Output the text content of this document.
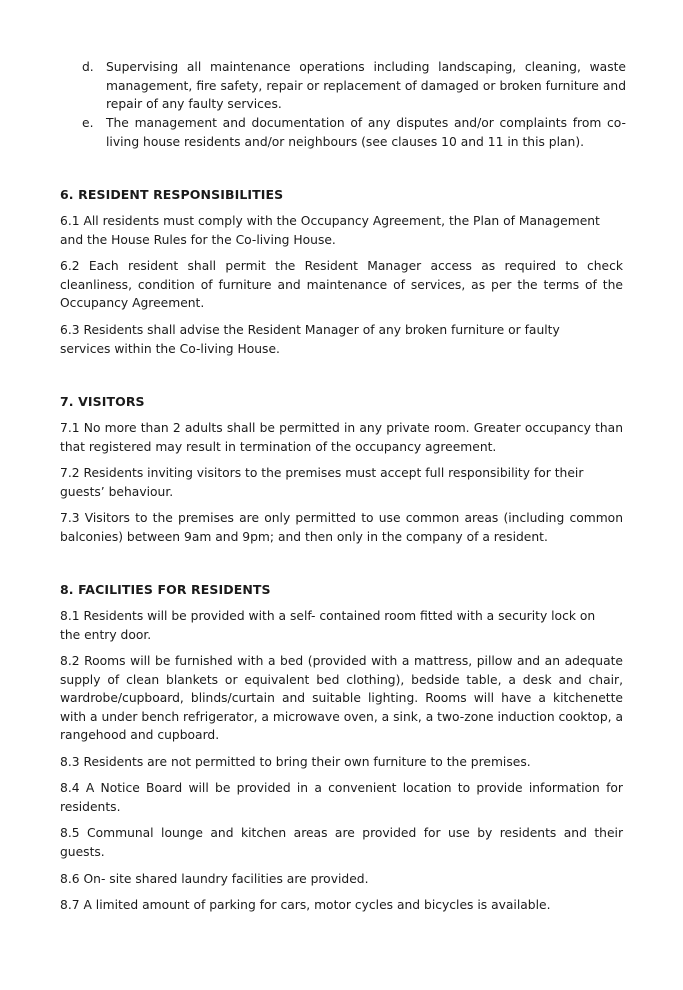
d. Supervising all maintenance operations including landscaping, cleaning, waste management, fire safety, repair or replacement of damaged or broken furniture and repair of any faulty services.

e. The management and documentation of any disputes and/or complaints from co-living house residents and/or neighbours (see clauses 10 and 11 in this plan).

6. RESIDENT RESPONSIBILITIES

6.1 All residents must comply with the Occupancy Agreement, the Plan of Management and the House Rules for the Co-living House.

6.2 Each resident shall permit the Resident Manager access as required to check cleanliness, condition of furniture and maintenance of services, as per the terms of the Occupancy Agreement.

6.3 Residents shall advise the Resident Manager of any broken furniture or faulty services within the Co-living House.

7. VISITORS

7.1 No more than 2 adults shall be permitted in any private room. Greater occupancy than that registered may result in termination of the occupancy agreement.

7.2 Residents inviting visitors to the premises must accept full responsibility for their guests’ behaviour.

7.3 Visitors to the premises are only permitted to use common areas (including common balconies) between 9am and 9pm; and then only in the company of a resident.

8. FACILITIES FOR RESIDENTS

8.1 Residents will be provided with a self- contained room fitted with a security lock on the entry door.

8.2 Rooms will be furnished with a bed (provided with a mattress, pillow and an adequate supply of clean blankets or equivalent bed clothing), bedside table, a desk and chair, wardrobe/cupboard, blinds/curtain and suitable lighting. Rooms will have a kitchenette with a under bench refrigerator, a microwave oven, a sink, a two-zone induction cooktop, a rangehood and cupboard.

8.3 Residents are not permitted to bring their own furniture to the premises.

8.4 A Notice Board will be provided in a convenient location to provide information for residents.

8.5 Communal lounge and kitchen areas are provided for use by residents and their guests.

8.6 On- site shared laundry facilities are provided.

8.7 A limited amount of parking for cars, motor cycles and bicycles is available.
